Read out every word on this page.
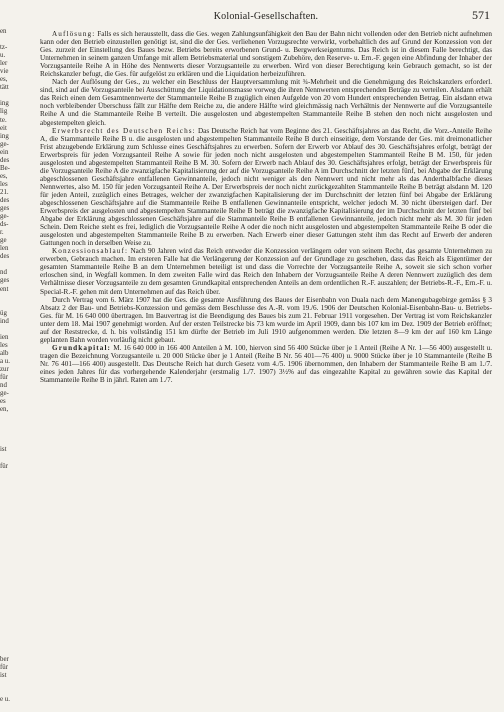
en
tz-
u.
ler
vie
es,
tätt
ing
lig
te.
eit
ing
ge-
ein
des
Be-
es,
les
21.
des
ges
ge-
ds-
r.
ge
len
des
nd
ges
ent
üg
ind
ien
les
alb
a u.
zur
für
nd
ge-
es
en,
ist
für
ber
für
ist
e u.
Kolonial-Gesellschaften.	571

Auflösung: Falls es sich herausstellt, dass die Ges. wegen Zahlungsunfähigkeit den Bau der Bahn nicht vollenden oder den Betrieb nicht aufnehmen kann oder den Betrieb einzustellen genötigt ist, sind die der Ges. verliehenen Vorzugsrechte verwirkt, vorbehaltlich des auf Grund der Konzession von der Ges. zurzeit der Einstellung des Baues bezw. Betriebs bereits erworbenen Grund- u. Bergwerkseigentums. Das Reich ist in diesem Falle berechtigt, das Unternehmen in seinem ganzen Umfange mit allem Betriebsmaterial und sonstigem Zubehöre, den Reserve- u. Ern.-F. gegen eine Abfindung der Inhaber der Vorzugsanteile Reihe A in Höhe des Nennwerts dieser Vorzugsanteile zu erwerben. Wird von dieser Berechtigung kein Gebrauch gemacht, so ist der Reichskanzler befugt, die Ges. für aufgelöst zu erklären und die Liquidation herbeizuführen.

Nach der Auflösung der Ges., zu welcher ein Beschluss der Hauptversammlung mit ¾-Mehrheit und die Genehmigung des Reichskanzlers erforderl. sind, sind auf die Vorzugsanteile bei Ausschüttung der Liquidationsmasse vorweg die ihren Nennwerten entsprechenden Beträge zu verteilen. Alsdann erhält das Reich einen dem Gesamtnennwerte der Stammanteile Reihe B zugüglich einen Aufgelde von 20 vom Hundert entsprechenden Betrag. Ein alsdann etwa noch verbleibender Überschuss fällt zur Hälfte dem Reiche zu, die andere Hälfte wird gleichmässig nach Verhältnis der Nennwerte auf die Vorzugsanteile Reihe A und die Stammanteile Reihe B verteilt. Die ausgelosten und abgestempelten Stammanteile Reihe B stehen den noch nicht ausgelosten und abgestempelten gleich.

Erwerbsrecht des Deutschen Reichs: Das Deutsche Reich hat vom Beginne des 21. Geschäftsjahres an das Recht, die Vorz.-Anteile Reihe A, die Stammanteile Reihe B u. die ausgelosten und abgestempelten Stammanteile Reihe B durch einseitige, dem Vorstande der Ges. mit dreimonatlicher Frist abzugebende Erklärung zum Schlusse eines Geschäftsjahres zu erwerben. Sofern der Erwerb vor Ablauf des 30. Geschäftsjahres erfolgt, beträgt der Erwerbspreis für jeden Vorzugsanteil Reihe A sowie für jeden noch nicht ausgelosten und abgestempelten Stammanteil Reihe B M. 150, für jeden ausgelosten und abgestempelten Stammanteil Reihe B M. 30. Sofern der Erwerb nach Ablauf des 30. Geschäftsjahres erfolgt, beträgt der Erwerbspreis für die Vorzugsanteile Reihe A die zwanzigfache Kapitalisierung der auf die Vorzugsanteile Reihe A im Durchschnitt der letzten fünf, bei Abgabe der Erklärung abgeschlossenen Geschäftsjahre entfallenen Gewinnanteile, jedoch nicht weniger als den Nennwert und nicht mehr als das Anderthalbfache dieses Nennwertes, also M. 150 für jeden Vorzugsanteil Reihe A. Der Erwerbspreis der noch nicht zurückgezahlten Stammanteile Reihe B beträgt alsdann M. 120 für jeden Anteil, zuzüglich eines Betrages, welcher der zwanzigfachen Kapitalisierung der im Durchschnitt der letzten fünf bei Abgabe der Erklärung abgeschlossenen Geschäftsjahre auf die Stammanteile Reihe B entfallenen Gewinnanteile entspricht, welcher jedoch M. 30 nicht übersteigen darf. Der Erwerbspreis der ausgelosten und abgestempelten Stammanteile Reihe B beträgt die zwanzigfache Kapitalisierung der im Durchschnitt der letzten fünf bei Abgabe der Erklärung abgeschlossenen Geschäftsjahre auf die Stammanteile Reihe B entfallenen Gewinnanteile, jedoch nicht mehr als M. 30 für jeden Schein. Dem Reiche steht es frei, lediglich die Vorzugsanteile Reihe A oder die noch nicht ausgelosten und abgestempelten Stammanteile Reihe B oder die ausgelosten und abgestempelten Stammanteile Reihe B zu erwerben. Nach Erwerb einer dieser Gattungen steht ihm das Recht auf Erwerb der anderen Gattungen noch in derselben Weise zu.

Konzessionsablauf: Nach 90 Jahren wird das Reich entweder die Konzession verlängern oder von seinem Recht, das gesamte Unternehmen zu erwerben, Gebrauch machen. Im ersteren Falle hat die Verlängerung der Konzession auf der Grundlage zu geschehen, dass das Reich als Eigentümer der gesamten Stammanteile Reihe B an dem Unternehmen beteiligt ist und dass die Vorrechte der Vorzugsanteile Reihe A, soweit sie sich schon vorher erloschen sind, in Wegfall kommen. In dem zweiten Falle wird das Reich den Inhabern der Vorzugsanteile Reihe A deren Nennwert zuzüglich des dem Verhältnisse dieser Vorzugsanteile zu dem gesamten Grundkapital entsprechenden Anteils an dem ordentlichen R.-F. auszahlen; der Betriebs-R.-F., Ern.-F. u. Special-R.-F. gehen mit dem Unternehmen auf das Reich über.

Durch Vertrag vom 6. März 1907 hat die Ges. die gesamte Ausführung des Baues der Eisenbahn von Duala nach dem Manengubagebirge gemäss § 3 Absatz 2 der Bau- und Betriebs-Konzession und gemäss dem Beschlusse des A.-R. vom 19./6. 1906 der Deutschen Kolonial-Eisenbahn-Bau- u. Betriebs-Ges. für M. 16 640 000 übertragen. Im Bauvertrag ist die Beendigung des Baues bis zum 21. Februar 1911 vorgesehen. Der Vertrag ist vom Reichskanzler unter dem 18. Mai 1907 genehmigt worden. Auf der ersten Teilstrecke bis 73 km wurde im April 1909, dann bis 107 km im Dez. 1909 der Betrieb eröffnet; auf der Reststrecke, d. h. bis vollständig 151 km dürfte der Betrieb im Juli 1910 aufgenommen werden. Die letzten 8—9 km der auf 160 km Länge geplanten Bahn worden vorläufig nicht gebaut.

Grundkapital: M. 16 640 000 in 166 400 Anteilen à M. 100, hiervon sind 56 400 Stücke über je 1 Anteil (Reihe A Nr. 1—56 400) ausgestellt u. tragen die Bezeichnung Vorzugsanteile u. 20 000 Stücke über je 1 Anteil (Reihe B Nr. 56 401—76 400) u. 9000 Stücke über je 10 Stammanteile (Reihe B Nr. 76 401—166 400) ausgestellt. Das Deutsche Reich hat durch Gesetz vom 4./5. 1906 übernommen, den Inhabern der Stammanteile Reihe B am 1./7. eines jeden Jahres für das vorhergehende Kalenderjahr (erstmalig 1./7. 1907) 3½% auf das eingezahlte Kapital zu gewähren sowie das Kapital der Stammanteile Reihe B in jährl. Raten am 1./7.
